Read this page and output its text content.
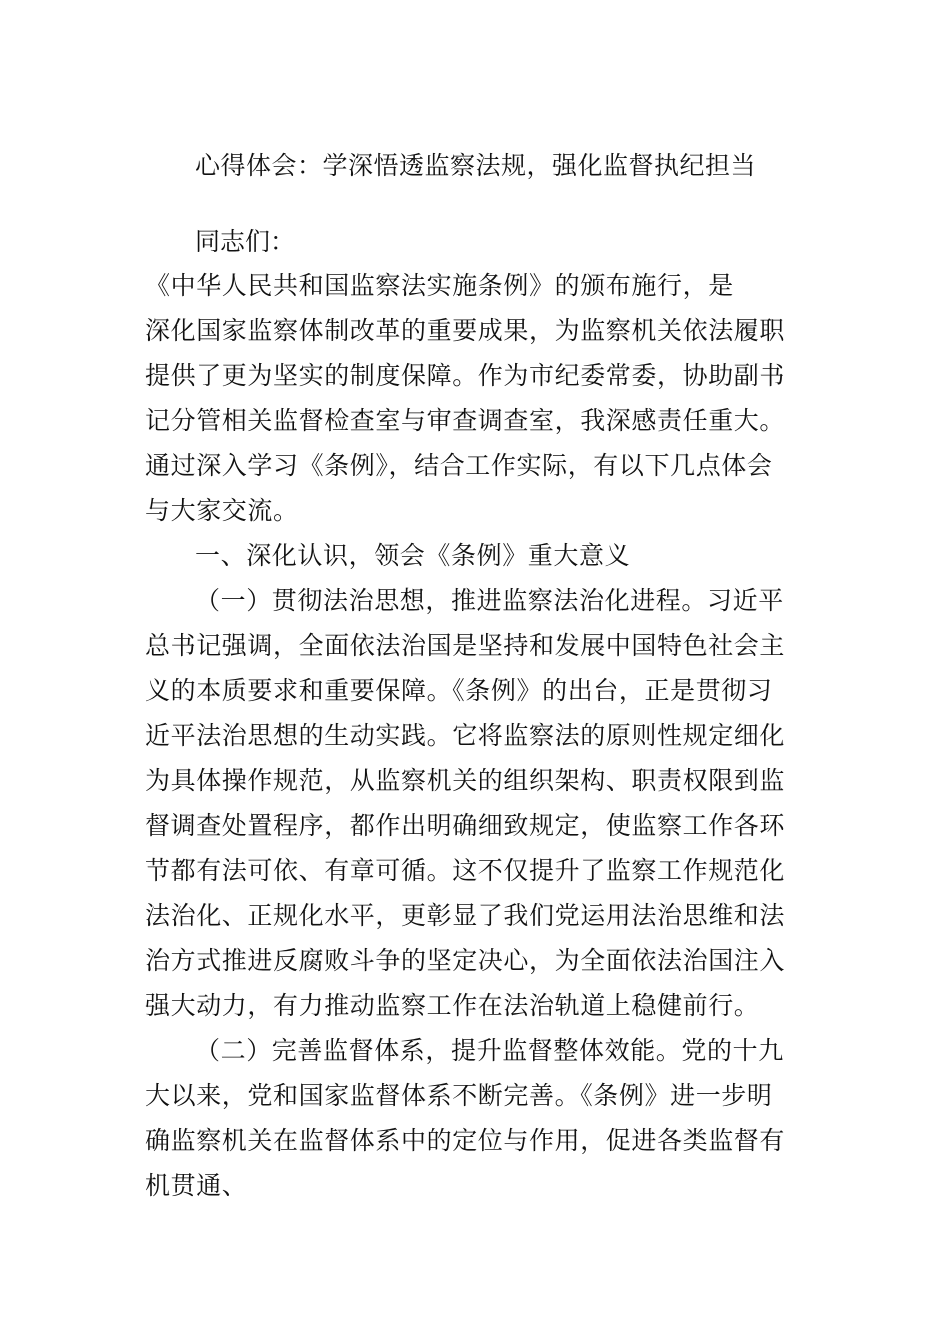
心得体会：学深悟透监察法规，强化监督执纪担当
同志们：
《中华人民共和国监察法实施条例》的颁布施行，是
深化国家监察体制改革的重要成果，为监察机关依法履职
提供了更为坚实的制度保障。作为市纪委常委，协助副书
记分管相关监督检查室与审查调查室，我深感责任重大。
通过深入学习《条例》，结合工作实际，有以下几点体会
与大家交流。
一、深化认识，领会《条例》重大意义
（一）贯彻法治思想，推进监察法治化进程。习近平
总书记强调，全面依法治国是坚持和发展中国特色社会主
义的本质要求和重要保障。《条例》的出台，正是贯彻习
近平法治思想的生动实践。它将监察法的原则性规定细化
为具体操作规范，从监察机关的组织架构、职责权限到监
督调查处置程序，都作出明确细致规定，使监察工作各环
节都有法可依、有章可循。这不仅提升了监察工作规范化
法治化、正规化水平，更彰显了我们党运用法治思维和法
治方式推进反腐败斗争的坚定决心，为全面依法治国注入
强大动力，有力推动监察工作在法治轨道上稳健前行。
（二）完善监督体系，提升监督整体效能。党的十九
大以来，党和国家监督体系不断完善。《条例》进一步明
确监察机关在监督体系中的定位与作用，促进各类监督有
机贯通、
